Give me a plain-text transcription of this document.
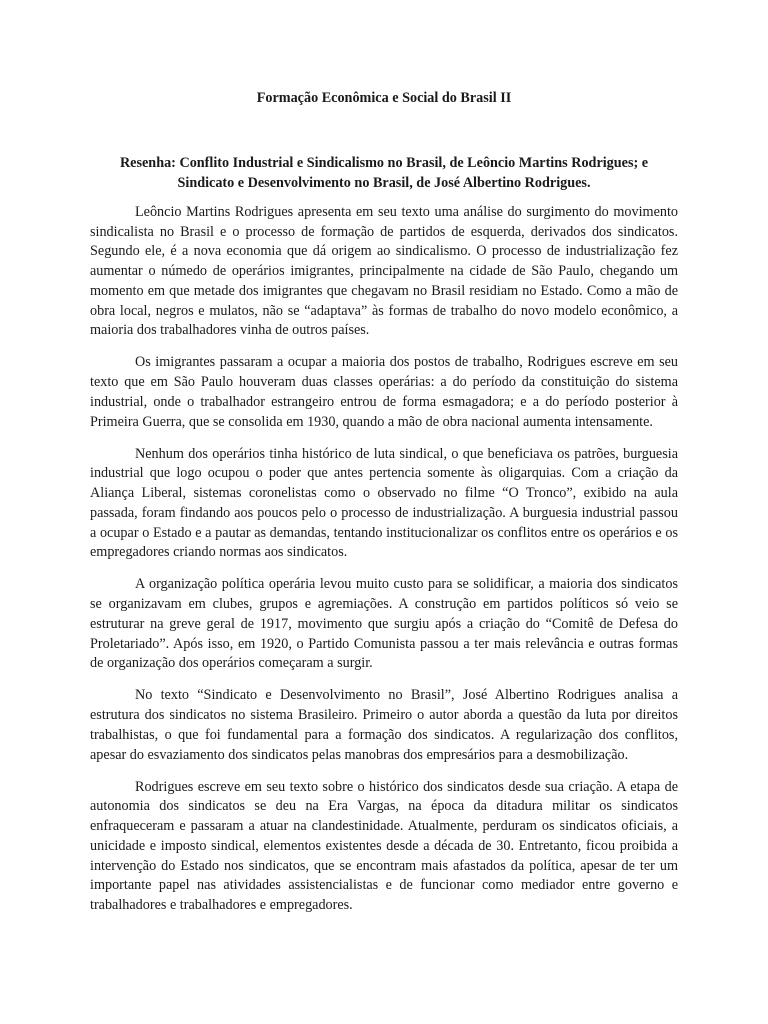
Formação Econômica e Social do Brasil II
Resenha: Conflito Industrial e Sindicalismo no Brasil, de Leôncio Martins Rodrigues; e Sindicato e Desenvolvimento no Brasil, de José Albertino Rodrigues.

Leôncio Martins Rodrigues apresenta em seu texto uma análise do surgimento do movimento sindicalista no Brasil e o processo de formação de partidos de esquerda, derivados dos sindicatos. Segundo ele, é a nova economia que dá origem ao sindicalismo. O processo de industrialização fez aumentar o númedo de operários imigrantes, principalmente na cidade de São Paulo, chegando um momento em que metade dos imigrantes que chegavam no Brasil residiam no Estado. Como a mão de obra local, negros e mulatos, não se “adaptava” às formas de trabalho do novo modelo econômico, a maioria dos trabalhadores vinha de outros países.

Os imigrantes passaram a ocupar a maioria dos postos de trabalho, Rodrigues escreve em seu texto que em São Paulo houveram duas classes operárias: a do período da constituição do sistema industrial, onde o trabalhador estrangeiro entrou de forma esmagadora; e a do período posterior à Primeira Guerra, que se consolida em 1930, quando a mão de obra nacional aumenta intensamente.

Nenhum dos operários tinha histórico de luta sindical, o que beneficiava os patrões, burguesia industrial que logo ocupou o poder que antes pertencia somente às oligarquias. Com a criação da Aliança Liberal, sistemas coronelistas como o observado no filme “O Tronco”, exibido na aula passada, foram findando aos poucos pelo o processo de industrialização. A burguesia industrial passou a ocupar o Estado e a pautar as demandas, tentando institucionalizar os conflitos entre os operários e os empregadores criando normas aos sindicatos.

A organização política operária levou muito custo para se solidificar, a maioria dos sindicatos se organizavam em clubes, grupos e agremiações. A construção em partidos políticos só veio se estruturar na greve geral de 1917, movimento que surgiu após a criação do “Comitê de Defesa do Proletariado”. Após isso, em 1920, o Partido Comunista passou a ter mais relevância e outras formas de organização dos operários começaram a surgir.

No texto “Sindicato e Desenvolvimento no Brasil”, José Albertino Rodrigues analisa a estrutura dos sindicatos no sistema Brasileiro. Primeiro o autor aborda a questão da luta por direitos trabalhistas, o que foi fundamental para a formação dos sindicatos. A regularização dos conflitos, apesar do esvaziamento dos sindicatos pelas manobras dos empresários para a desmobilização.

Rodrigues escreve em seu texto sobre o histórico dos sindicatos desde sua criação. A etapa de autonomia dos sindicatos se deu na Era Vargas, na época da ditadura militar os sindicatos enfraqueceram e passaram a atuar na clandestinidade. Atualmente, perduram os sindicatos oficiais, a unicidade e imposto sindical, elementos existentes desde a década de 30. Entretanto, ficou proibida a intervenção do Estado nos sindicatos, que se encontram mais afastados da política, apesar de ter um importante papel nas atividades assistencialistas e de funcionar como mediador entre governo e trabalhadores e trabalhadores e empregadores.
